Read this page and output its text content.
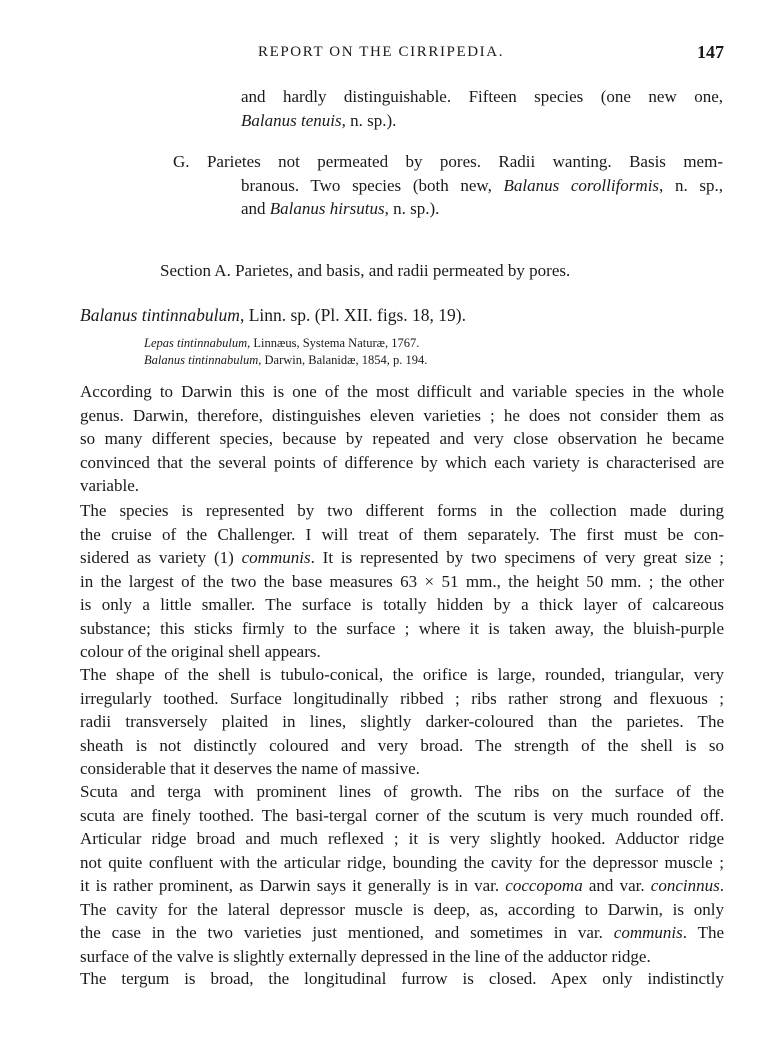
REPORT ON THE CIRRIPEDIA.	147
and hardly distinguishable. Fifteen species (one new one,
Balanus tenuis, n. sp.).
G. Parietes not permeated by pores. Radii wanting. Basis mem-
branous. Two species (both new, Balanus corolliformis, n. sp.,
and Balanus hirsutus, n. sp.).
Section A. Parietes, and basis, and radii permeated by pores.
Balanus tintinnabulum, Linn. sp. (Pl. XII. figs. 18, 19).
Lepas tintinnabulum, Linnæus, Systema Naturæ, 1767.
Balanus tintinnabulum, Darwin, Balanidæ, 1854, p. 194.
According to Darwin this is one of the most difficult and variable species in the whole
genus. Darwin, therefore, distinguishes eleven varieties ; he does not consider them as
so many different species, because by repeated and very close observation he became
convinced that the several points of difference by which each variety is characterised are
variable.
The species is represented by two different forms in the collection made during
the cruise of the Challenger. I will treat of them separately. The first must be con-
sidered as variety (1) communis. It is represented by two specimens of very great size ;
in the largest of the two the base measures 63 × 51 mm., the height 50 mm. ; the other
is only a little smaller. The surface is totally hidden by a thick layer of calcareous
substance; this sticks firmly to the surface ; where it is taken away, the bluish-purple
colour of the original shell appears.
The shape of the shell is tubulo-conical, the orifice is large, rounded, triangular, very
irregularly toothed. Surface longitudinally ribbed ; ribs rather strong and flexuous ;
radii transversely plaited in lines, slightly darker-coloured than the parietes. The
sheath is not distinctly coloured and very broad. The strength of the shell is so
considerable that it deserves the name of massive.
Scuta and terga with prominent lines of growth. The ribs on the surface of the
scuta are finely toothed. The basi-tergal corner of the scutum is very much rounded off.
Articular ridge broad and much reflexed ; it is very slightly hooked. Adductor ridge
not quite confluent with the articular ridge, bounding the cavity for the depressor muscle ;
it is rather prominent, as Darwin says it generally is in var. coccopoma and var. concinnus.
The cavity for the lateral depressor muscle is deep, as, according to Darwin, is only
the case in the two varieties just mentioned, and sometimes in var. communis. The
surface of the valve is slightly externally depressed in the line of the adductor ridge.
The tergum is broad, the longitudinal furrow is closed. Apex only indistinctly
